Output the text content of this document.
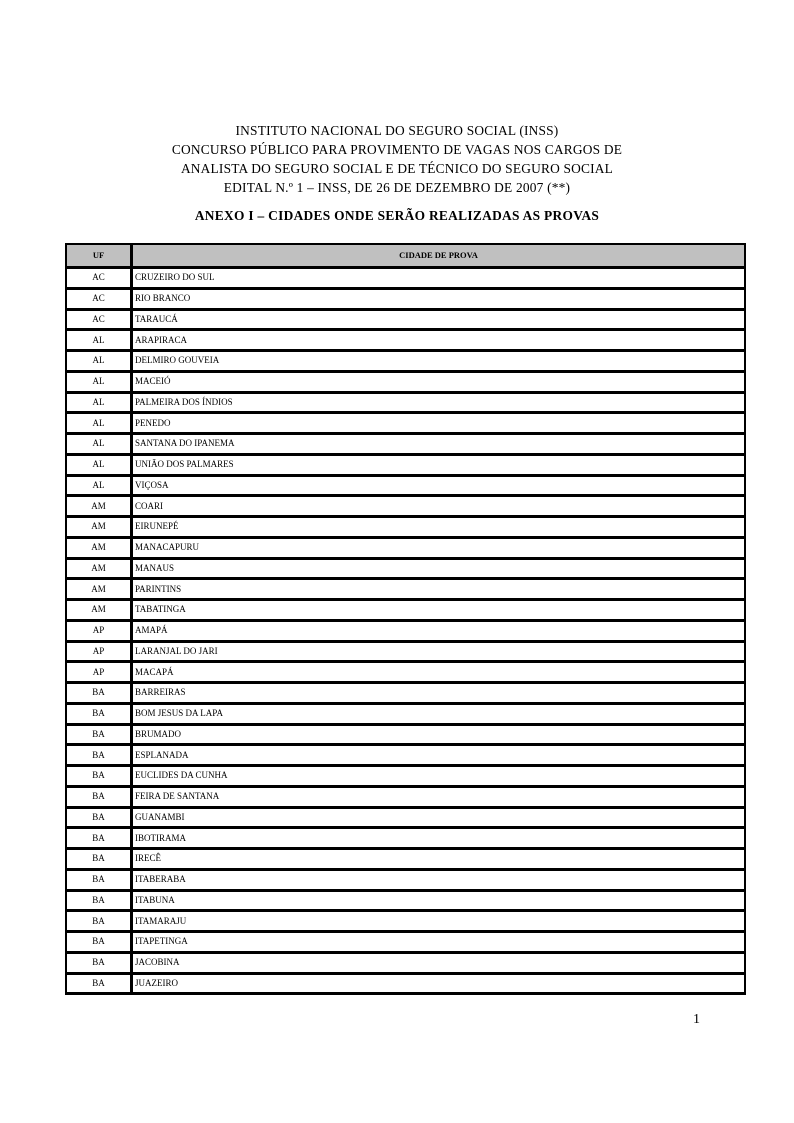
INSTITUTO NACIONAL DO SEGURO SOCIAL (INSS)
CONCURSO PÚBLICO PARA PROVIMENTO DE VAGAS NOS CARGOS DE
ANALISTA DO SEGURO SOCIAL E DE TÉCNICO DO SEGURO SOCIAL
EDITAL N.º 1 – INSS, DE 26 DE DEZEMBRO DE 2007 (**)
ANEXO I – CIDADES ONDE SERÃO REALIZADAS AS PROVAS
UF	CIDADE DE PROVA
AC	CRUZEIRO DO SUL
AC	RIO BRANCO
AC	TARAUCÁ
AL	ARAPIRACA
AL	DELMIRO GOUVEIA
AL	MACEIÓ
AL	PALMEIRA DOS ÍNDIOS
AL	PENEDO
AL	SANTANA DO IPANEMA
AL	UNIÃO DOS PALMARES
AL	VIÇOSA
AM	COARI
AM	EIRUNEPÉ
AM	MANACAPURU
AM	MANAUS
AM	PARINTINS
AM	TABATINGA
AP	AMAPÁ
AP	LARANJAL DO JARI
AP	MACAPÁ
BA	BARREIRAS
BA	BOM JESUS DA LAPA
BA	BRUMADO
BA	ESPLANADA
BA	EUCLIDES DA CUNHA
BA	FEIRA DE SANTANA
BA	GUANAMBI
BA	IBOTIRAMA
BA	IRECÊ
BA	ITABERABA
BA	ITABUNA
BA	ITAMARAJU
BA	ITAPETINGA
BA	JACOBINA
BA	JUAZEIRO
1
